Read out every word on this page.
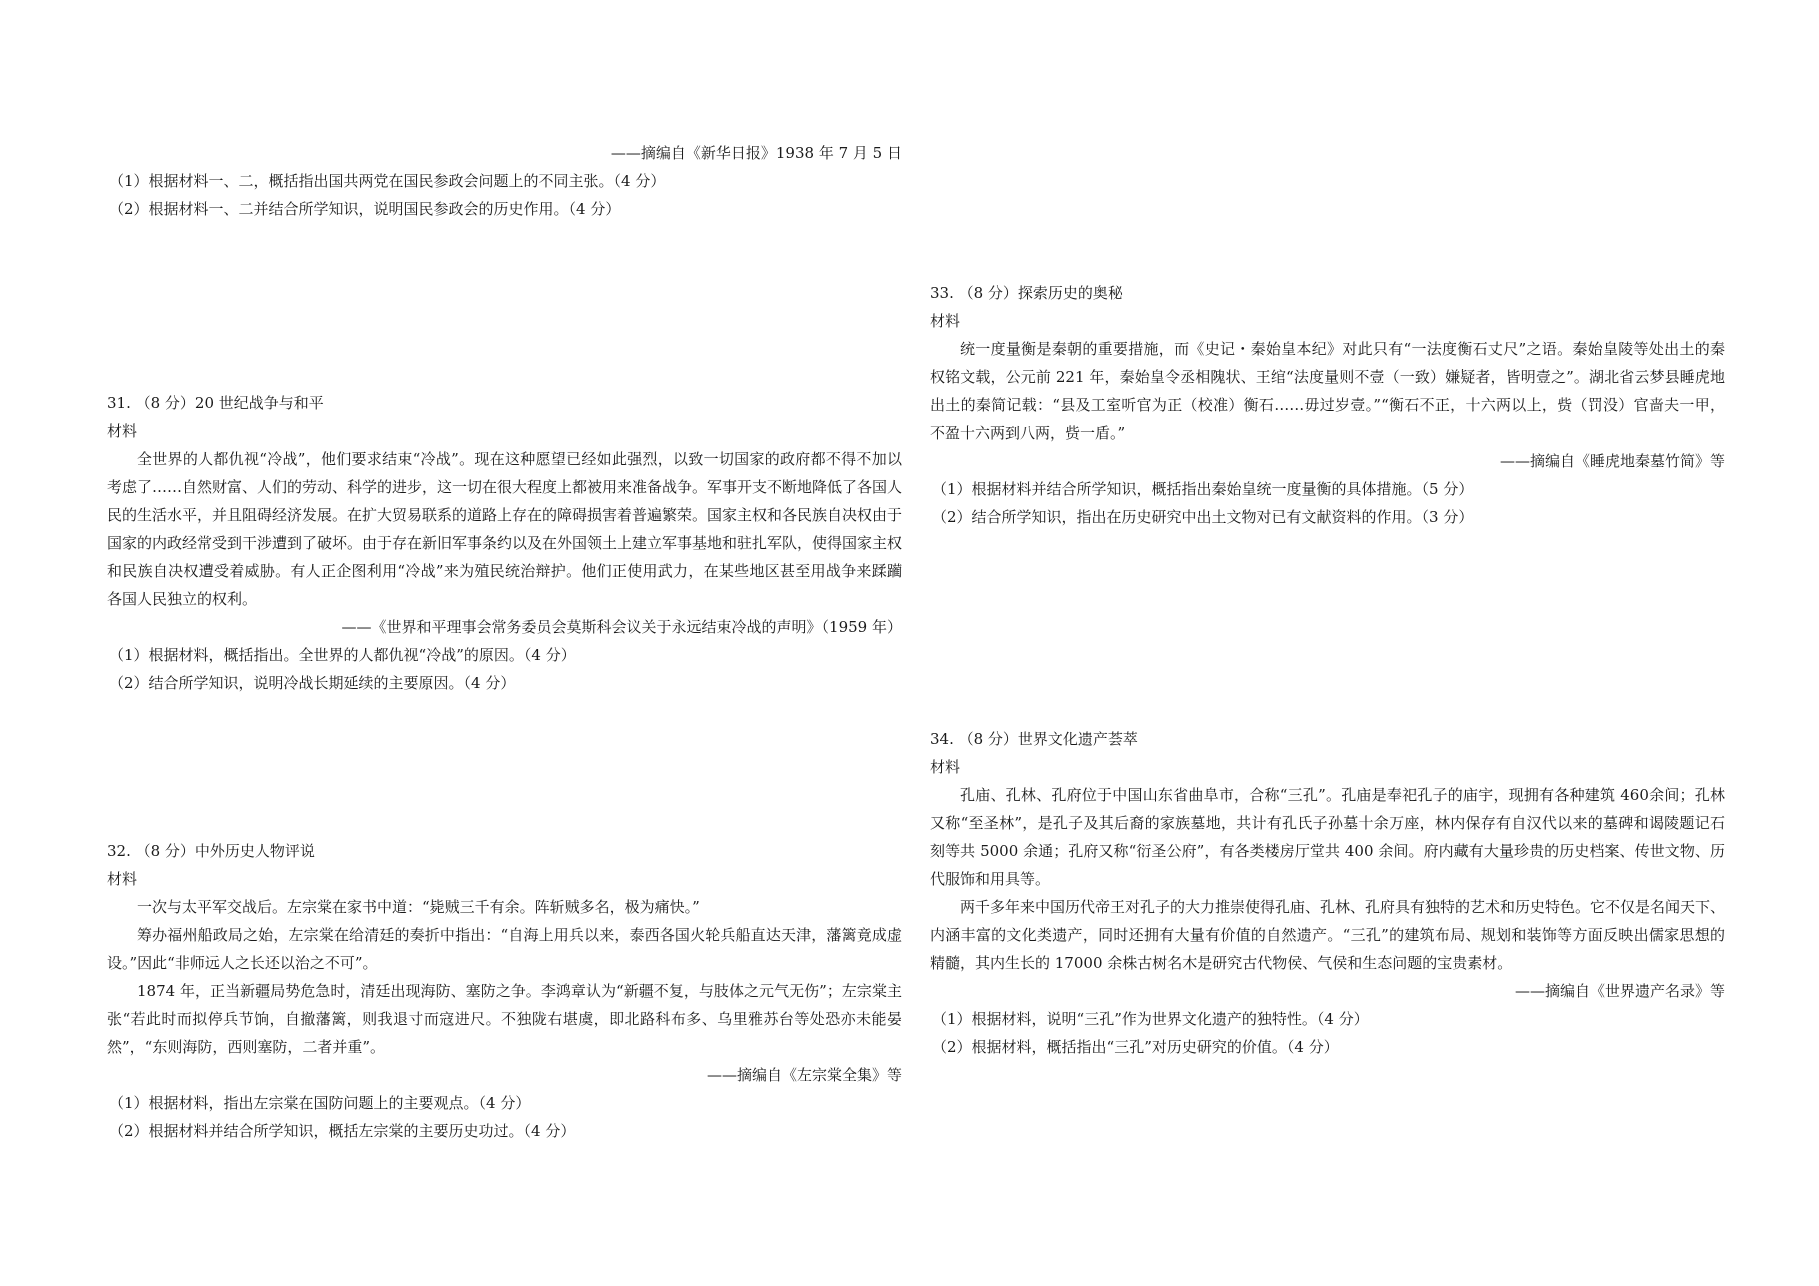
——摘编自《新华日报》1938 年 7 月 5 日
（1）根据材料一、二，概括指出国共两党在国民参政会问题上的不同主张。（4 分）
（2）根据材料一、二并结合所学知识，说明国民参政会的历史作用。（4 分）
31. （8 分）20 世纪战争与和平
材料

全世界的人都仇视“冷战”，他们要求结束“冷战”。现在这种愿望已经如此强烈，以致一切国家的政府都不得不加以考虑了……自然财富、人们的劳动、科学的进步，这一切在很大程度上都被用来准备战争。军事开支不断地降低了各国人民的生活水平，并且阻碍经济发展。在扩大贸易联系的道路上存在的障碍损害着普遍繁荣。国家主权和各民族自决权由于国家的内政经常受到干涉遭到了破坏。由于存在新旧军事条约以及在外国领土上建立军事基地和驻扎军队，使得国家主权和民族自决权遭受着威胁。有人正企图利用“冷战”来为殖民统治辩护。他们正使用武力，在某些地区甚至用战争来蹂躏各国人民独立的权利。

——《世界和平理事会常务委员会莫斯科会议关于永远结束冷战的声明》（1959 年）
（1）根据材料，概括指出。全世界的人都仇视“冷战”的原因。（4 分）
（2）结合所学知识，说明冷战长期延续的主要原因。（4 分）
32. （8 分）中外历史人物评说
材料

一次与太平军交战后。左宗棠在家书中道：“毙贼三千有余。阵斩贼多名，极为痛快。”

筹办福州船政局之始，左宗棠在给清廷的奏折中指出：“自海上用兵以来，泰西各国火轮兵船直达天津，藩篱竟成虚设。”因此“非师远人之长还以治之不可”。

1874 年，正当新疆局势危急时，清廷出现海防、塞防之争。李鸿章认为“新疆不复，与肢体之元气无伤”；左宗棠主张“若此时而拟停兵节饷，自撤藩篱，则我退寸而寇进尺。不独陇右堪虞，即北路科布多、乌里雅苏台等处恐亦未能晏然”，“东则海防，西则塞防，二者并重”。

——摘编自《左宗棠全集》等
（1）根据材料，指出左宗棠在国防问题上的主要观点。（4 分）
（2）根据材料并结合所学知识，概括左宗棠的主要历史功过。（4 分）
33. （8 分）探索历史的奥秘
材料

统一度量衡是秦朝的重要措施，而《史记・秦始皇本纪》对此只有“一法度衡石丈尺”之语。秦始皇陵等处出土的秦权铭文载，公元前 221 年，秦始皇令丞相隗状、王绾“法度量则不壹（一致）嫌疑者，皆明壹之”。湖北省云梦县睡虎地出土的秦简记载：“县及工室听官为正（校准）衡石……毋过岁壹。”“衡石不正，十六两以上，赀（罚没）官啬夫一甲，不盈十六两到八两，赀一盾。”

——摘编自《睡虎地秦墓竹简》等
（1）根据材料并结合所学知识，概括指出秦始皇统一度量衡的具体措施。（5 分）
（2）结合所学知识，指出在历史研究中出土文物对已有文献资料的作用。（3 分）
34. （8 分）世界文化遗产荟萃
材料

孔庙、孔林、孔府位于中国山东省曲阜市，合称“三孔”。孔庙是奉祀孔子的庙宇，现拥有各种建筑 460余间；孔林又称“至圣林”，是孔子及其后裔的家族墓地，共计有孔氏子孙墓十余万座，林内保存有自汉代以来的墓碑和谒陵题记石刻等共 5000 余通；孔府又称“衍圣公府”，有各类楼房厅堂共 400 余间。府内藏有大量珍贵的历史档案、传世文物、历代服饰和用具等。

两千多年来中国历代帝王对孔子的大力推崇使得孔庙、孔林、孔府具有独特的艺术和历史特色。它不仅是名闻天下、内涵丰富的文化类遗产，同时还拥有大量有价值的自然遗产。“三孔”的建筑布局、规划和装饰等方面反映出儒家思想的精髓，其内生长的 17000 余株古树名木是研究古代物侯、气侯和生态问题的宝贵素材。

——摘编自《世界遗产名录》等
（1）根据材料，说明“三孔”作为世界文化遗产的独特性。（4 分）
（2）根据材料，概括指出“三孔”对历史研究的价值。（4 分）
